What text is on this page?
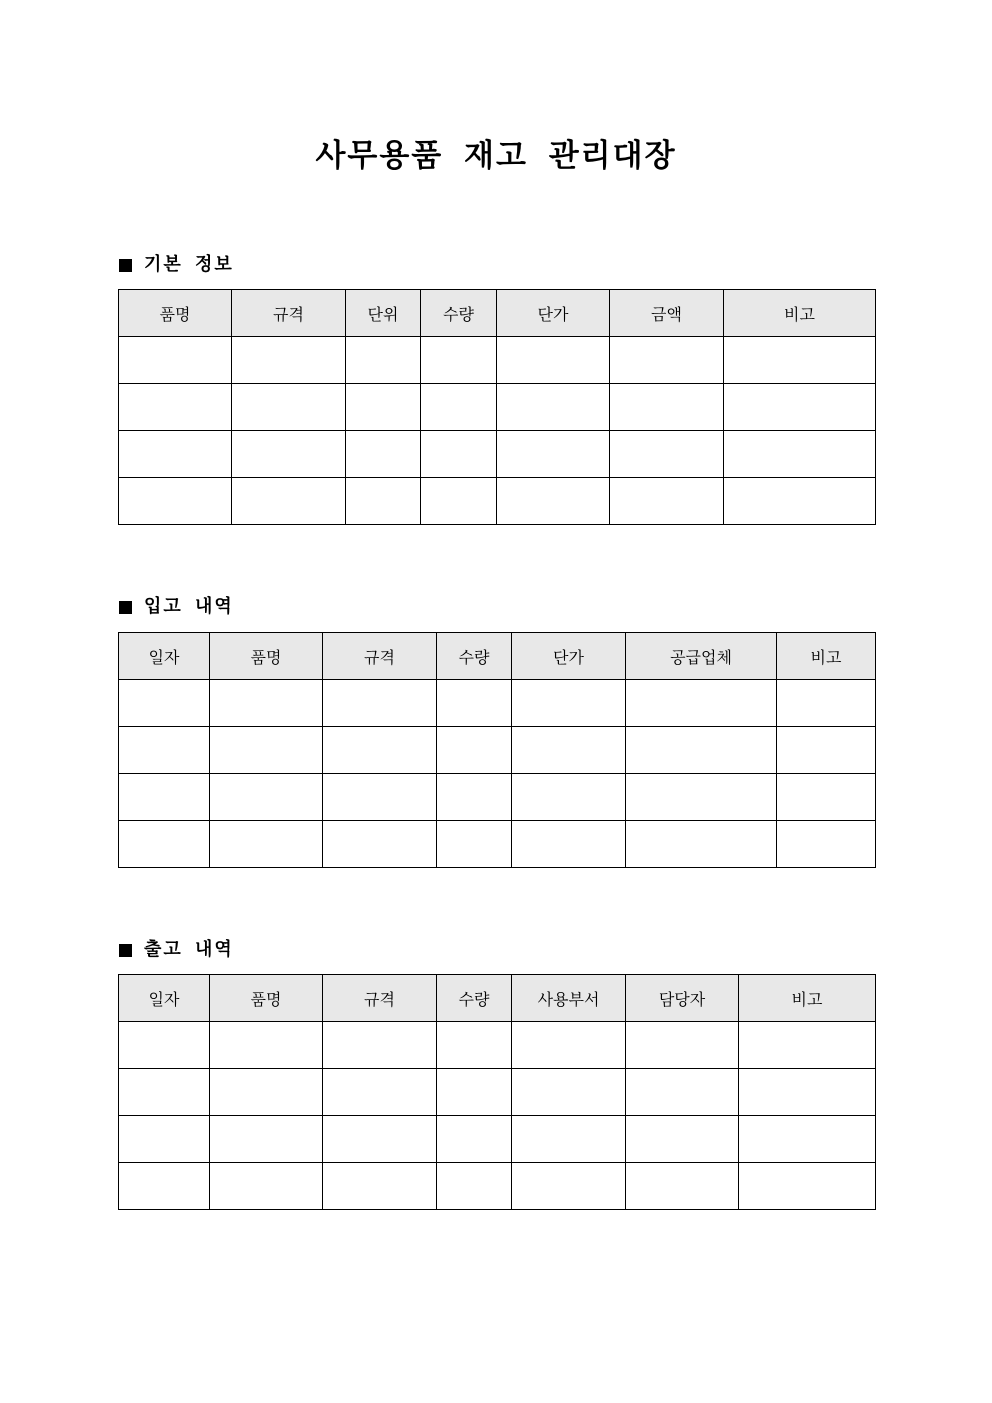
사무용품 재고 관리대장
기본 정보
품명	규격	단위	수량	단가	금액	비고

입고 내역
일자	품명	규격	수량	단가	공급업체	비고

출고 내역
일자	품명	규격	수량	사용부서	담당자	비고
